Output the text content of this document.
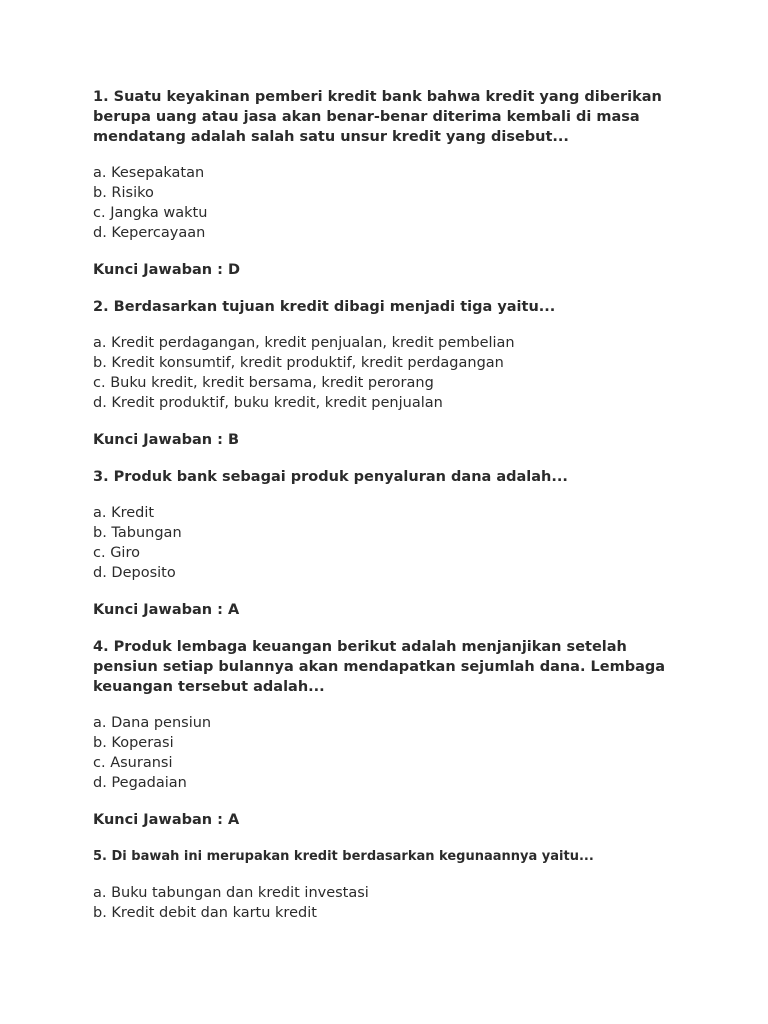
1. Suatu keyakinan pemberi kredit bank bahwa kredit yang diberikan berupa uang atau jasa akan benar-benar diterima kembali di masa mendatang adalah salah satu unsur kredit yang disebut...

a. Kesepakatan
b. Risiko
c. Jangka waktu
d. Kepercayaan

Kunci Jawaban : D

2. Berdasarkan tujuan kredit dibagi menjadi tiga yaitu...

a. Kredit perdagangan, kredit penjualan, kredit pembelian
b. Kredit konsumtif, kredit produktif, kredit perdagangan
c. Buku kredit, kredit bersama, kredit perorang
d. Kredit produktif, buku kredit, kredit penjualan

Kunci Jawaban : B

3. Produk bank sebagai produk penyaluran dana adalah...

a. Kredit
b. Tabungan
c. Giro
d. Deposito

Kunci Jawaban : A

4. Produk lembaga keuangan berikut adalah menjanjikan setelah pensiun setiap bulannya akan mendapatkan sejumlah dana. Lembaga keuangan tersebut adalah...

a. Dana pensiun
b. Koperasi
c. Asuransi
d. Pegadaian

Kunci Jawaban : A

5. Di bawah ini merupakan kredit berdasarkan kegunaannya yaitu...

a. Buku tabungan dan kredit investasi
b. Kredit debit dan kartu kredit
